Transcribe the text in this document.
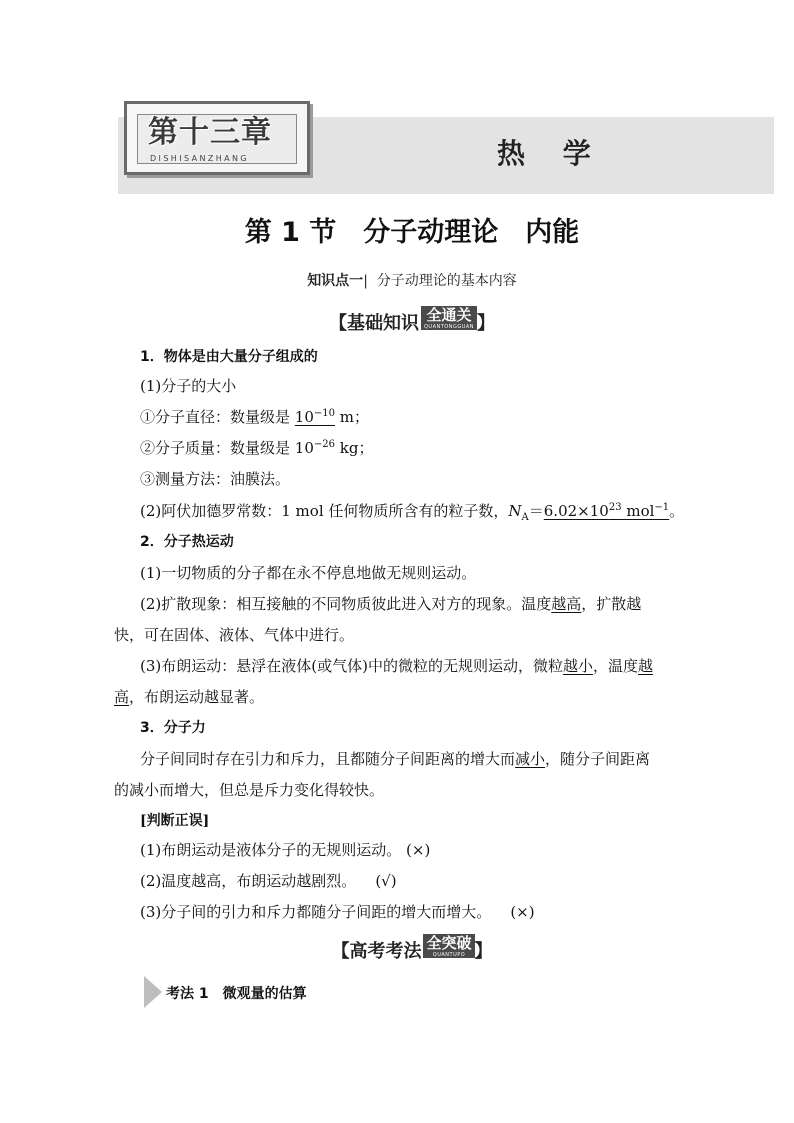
第十三章
DISHISANZHANG	热 学
第 1 节　分子动理论　内能
知识点一|  分子动理论的基本内容
【基础知识 全通关
QUANTONGGUAN 】
1．物体是由大量分子组成的
(1)分子的大小
①分子直径：数量级是 $10^{-10}$ m；
②分子质量：数量级是 $10^{-26}$ kg；
③测量方法：油膜法。
(2)阿伏加德罗常数：1 mol 任何物质所含有的粒子数，$N_A=6.02\times 10^{23}$ mol$^{-1}$。
2．分子热运动
(1)一切物质的分子都在永不停息地做无规则运动。
(2)扩散现象：相互接触的不同物质彼此进入对方的现象。温度越高，扩散越
快，可在固体、液体、气体中进行。
(3)布朗运动：悬浮在液体(或气体)中的微粒的无规则运动，微粒越小，温度越
高，布朗运动越显著。
3．分子力
分子间同时存在引力和斥力，且都随分子间距离的增大而减小，随分子间距离
的减小而增大，但总是斥力变化得较快。

[判断正误]
(1)布朗运动是液体分子的无规则运动。 (×)
(2)温度越高，布朗运动越剧烈。 (√)
(3)分子间的引力和斥力都随分子间距的增大而增大。 (×)
【高考考法 全突破
QUANTUPO 】
考法 1　微观量的估算
